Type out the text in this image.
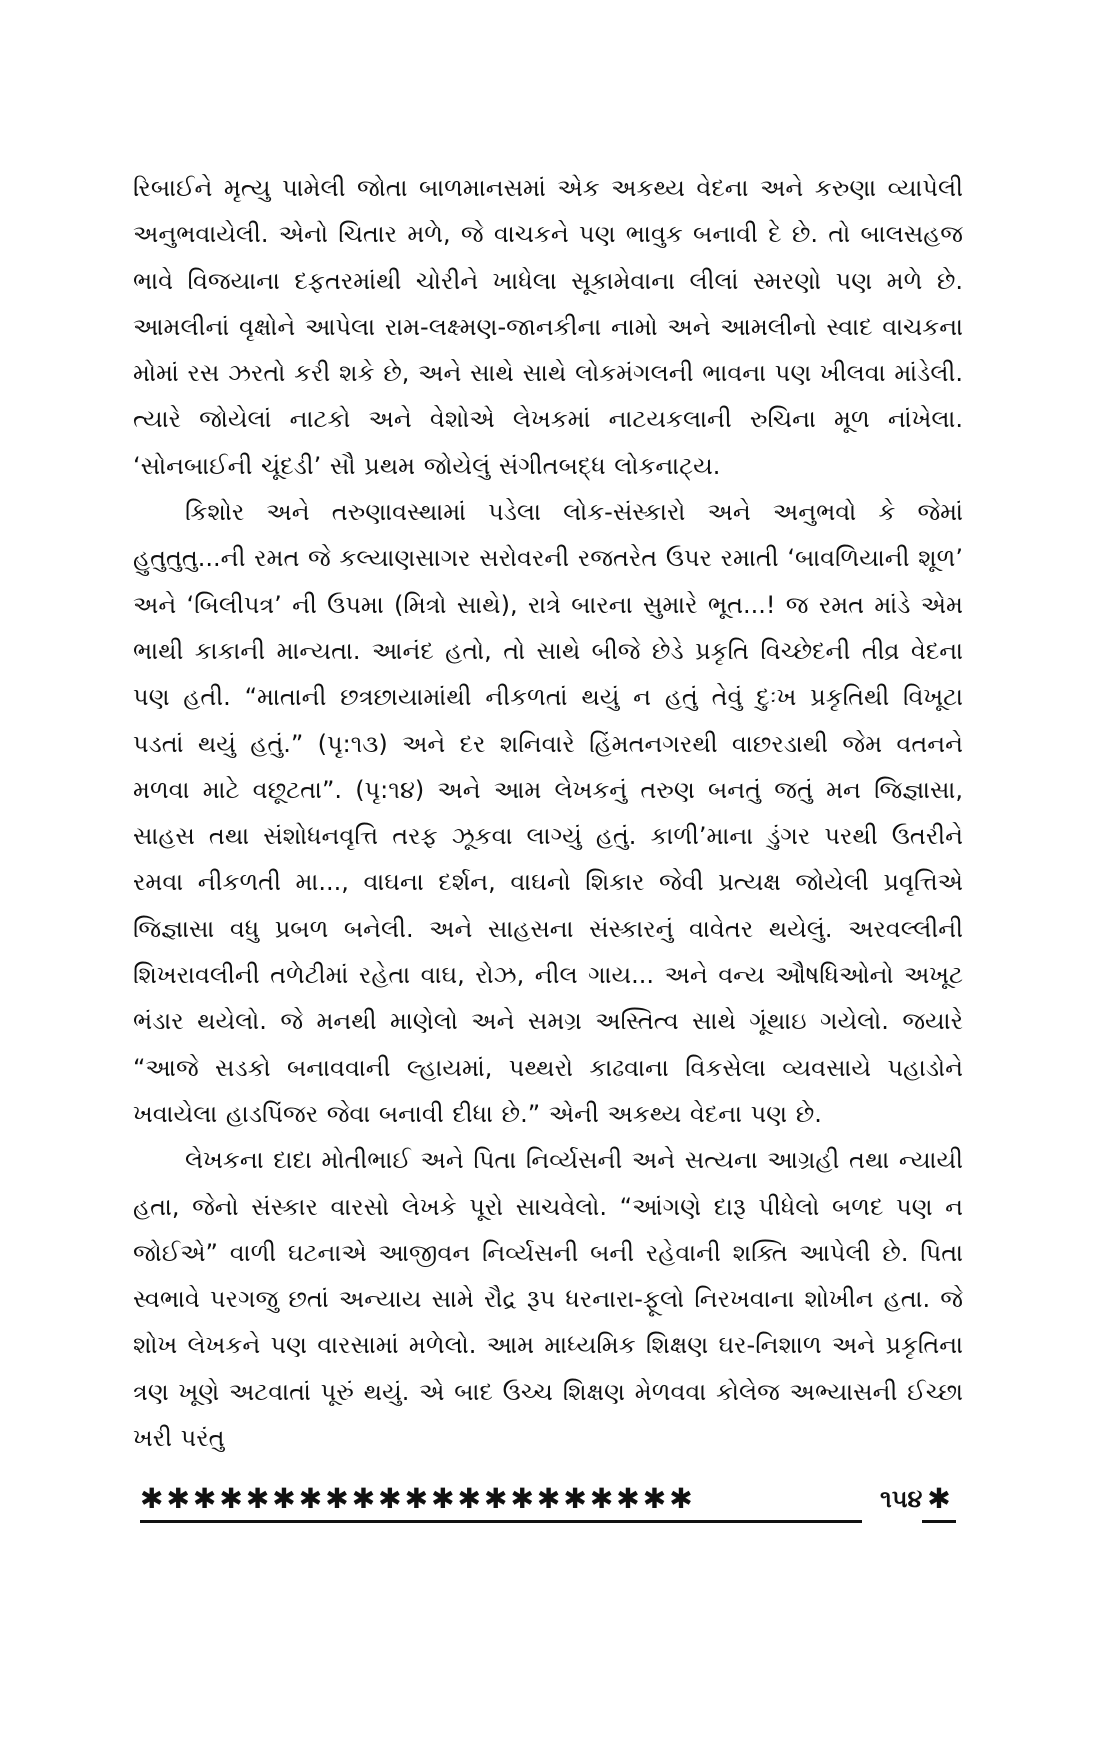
રિબાઈને મૃત્યુ પામેલી જોતા બાળમાનસમાં એક અકથ્ય વેદના અને કરુણા વ્યાપેલી અનુભવાયેલી. એનો ચિતાર મળે, જે વાચકને પણ ભાવુક બનાવી દે છે. તો બાલસહજ ભાવે વિજયાના દફતરમાંથી ચોરીને ખાધેલા સૂકામેવાના લીલાં સ્મરણો પણ મળે છે. આમલીનાં વૃક્ષોને આપેલા રામ-લક્ષ્મણ-જાનકીના નામો અને આમલીનો સ્વાદ વાચકના મોમાં રસ ઝરતો કરી શકે છે, અને સાથે સાથે લોકમંગલની ભાવના પણ ખીલવા માંડેલી. ત્યારે જોયેલાં નાટકો અને વેશોએ લેખકમાં નાટયકલાની રુચિના મૂળ નાંખેલા. ‘સોનબાઈની ચૂંદડી’ સૌ પ્રથમ જોયેલું સંગીતબદ્ધ લોકનાટ્ય.

કિશોર અને તરુણાવસ્થામાં પડેલા લોક-સંસ્કારો અને અનુભવો કે જેમાં હુતુતુતુ...ની રમત જે કલ્યાણસાગર સરોવરની રજતરેત ઉપર રમાતી ‘બાવળિયાની શૂળ’ અને ‘બિલીપત્ર’ ની ઉપમા (મિત્રો સાથે), રાત્રે બારના સુમારે ભૂત...! જ રમત માંડે એમ ભાથી કાકાની માન્યતા. આનંદ હતો, તો સાથે બીજે છેડે પ્રકૃતિ વિચ્છેદની તીવ્ર વેદના પણ હતી. “માતાની છત્રછાયામાંથી નીકળતાં થયું ન હતું તેવું દુઃખ પ્રકૃતિથી વિખૂટા પડતાં થયું હતું.” (પૃ:૧૩) અને દર શનિવારે હિંમતનગરથી વાછરડાથી જેમ વતનને મળવા માટે વછૂટતા”. (પૃ:૧૪) અને આમ લેખકનું તરુણ બનતું જતું મન જિજ્ઞાસા, સાહસ તથા સંશોધનવૃત્તિ તરફ ઝૂકવા લાગ્યું હતું. કાળી’માના ડુંગર પરથી ઉતરીને રમવા નીકળતી મા..., વાઘના દર્શન, વાઘનો શિકાર જેવી પ્રત્યક્ષ જોયેલી પ્રવૃત્તિએ જિજ્ઞાસા વધુ પ્રબળ બનેલી. અને સાહસના સંસ્કારનું વાવેતર થયેલું. અરવલ્લીની શિખરાવલીની તળેટીમાં રહેતા વાઘ, રોઝ, નીલ ગાય... અને વન્ય ઔષધિઓનો અખૂટ ભંડાર થયેલો. જે મનથી માણેલો અને સમગ્ર અસ્તિત્વ સાથે ગૂંથાઇ ગયેલો. જયારે “આજે સડકો બનાવવાની લ્હાયમાં, પથ્થરો કાઢવાના વિકસેલા વ્યવસાયે પહાડોને ખવાયેલા હાડપિંજર જેવા બનાવી દીધા છે.” એની અકથ્ય વેદના પણ છે.

લેખકના દાદા મોતીભાઈ અને પિતા નિર્વ્યસની અને સત્યના આગ્રહી તથા ન્યાયી હતા, જેનો સંસ્કાર વારસો લેખકે પૂરો સાચવેલો. “આંગણે દારૂ પીધેલો બળદ પણ ન જોઈએ” વાળી ઘટનાએ આજીવન નિર્વ્યસની બની રહેવાની શક્તિ આપેલી છે. પિતા સ્વભાવે પરગજુ છતાં અન્યાય સામે રૌદ્ર રૂપ ધરનારા-ફૂલો નિરખવાના શોખીન હતા. જે શોખ લેખકને પણ વારસામાં મળેલો. આમ માધ્યમિક શિક્ષણ ઘર-નિશાળ અને પ્રકૃતિના ત્રણ ખૂણે અટવાતાં પૂરું થયું. એ બાદ ઉચ્ચ શિક્ષણ મેળવવા કોલેજ અભ્યાસની ઈચ્છા ખરી પરંતુ

✱✱✱✱✱✱✱✱✱✱✱✱✱✱✱✱✱✱✱✱✱	૧૫૪ ✱
